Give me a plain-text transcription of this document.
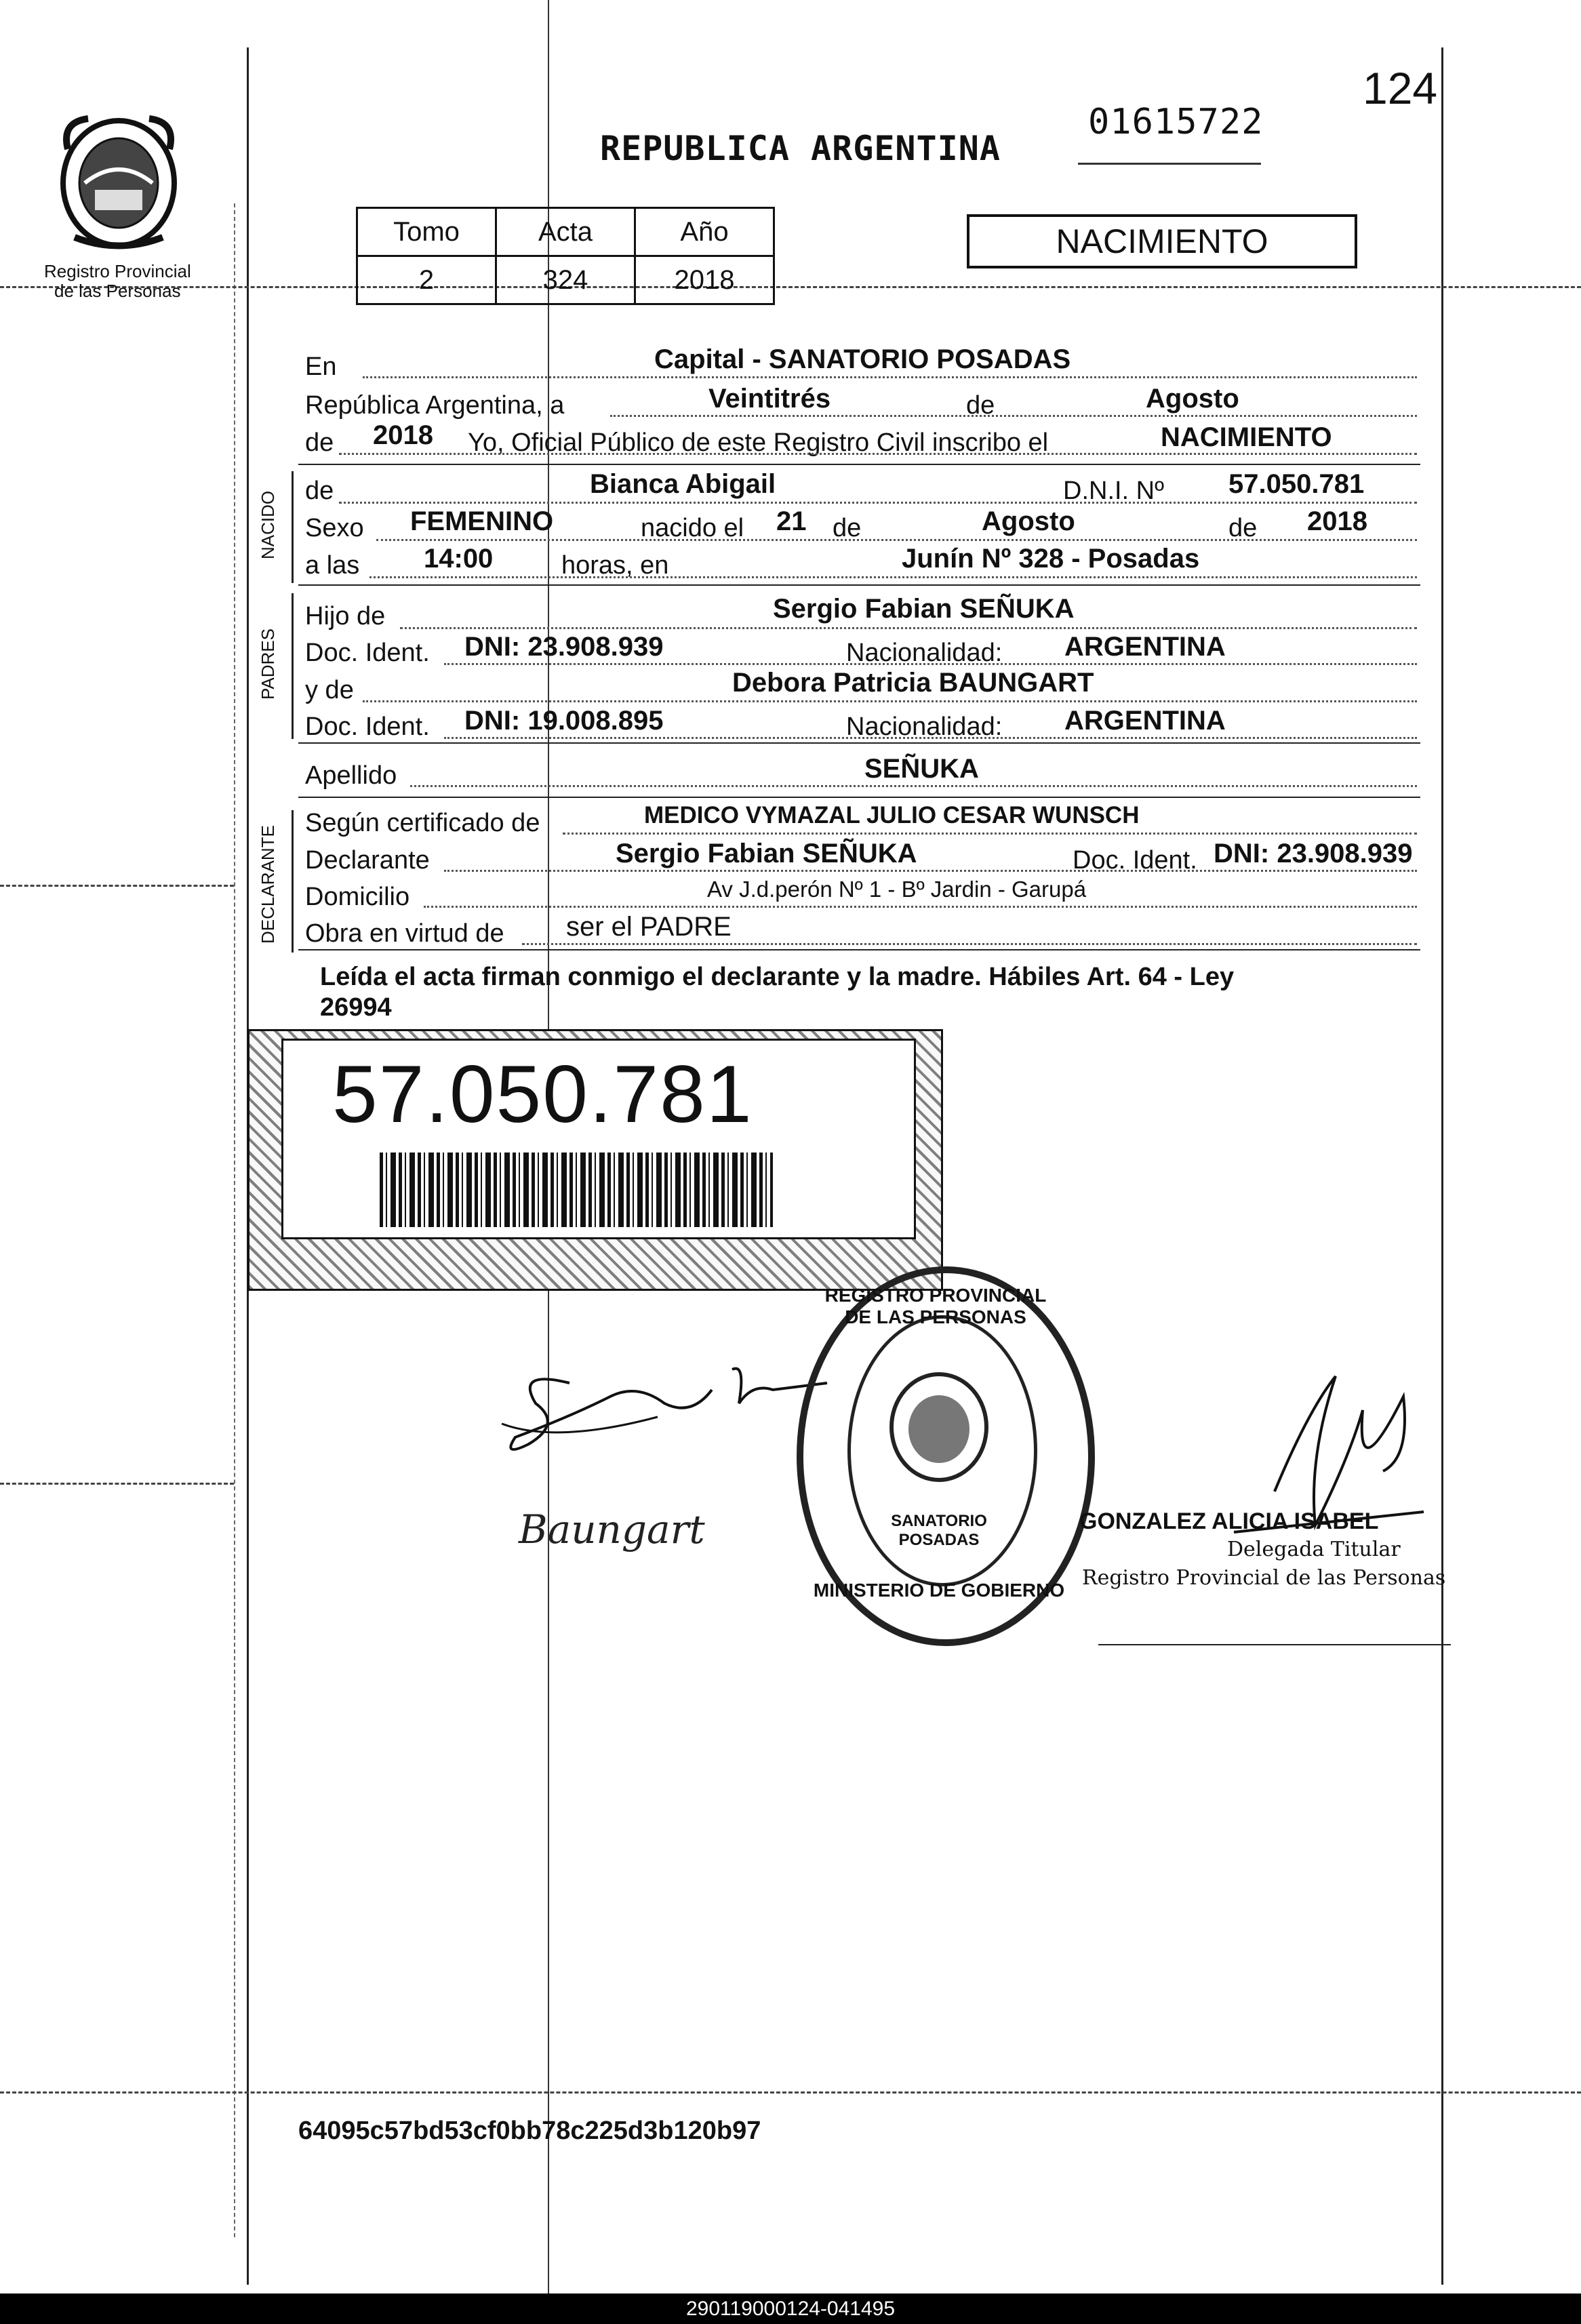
124
Registro Provincial
de las Personas
REPUBLICA ARGENTINA
01615722
Tomo	Acta	Año
2	324	2018
NACIMIENTO
En	Capital - SANATORIO POSADAS
República Argentina, a	Veintitrés	de	Agosto
de 2018 Yo, Oficial Público de este Registro Civil inscribo el	NACIMIENTO
NACIDO de	Bianca Abigail	D.N.I. Nº 57.050.781
Sexo FEMENINO	nacido el 21 de	Agosto	de 2018
a las 14:00	horas, en	Junín Nº 328 - Posadas
PADRES
Hijo de	Sergio Fabian SEÑUKA
Doc. Ident. DNI: 23.908.939	Nacionalidad: ARGENTINA
y de	Debora Patricia BAUNGART
Doc. Ident. DNI: 19.008.895	Nacionalidad: ARGENTINA
Apellido	SEÑUKA
DECLARANTE
Según certificado de	MEDICO VYMAZAL JULIO CESAR WUNSCH
Declarante	Sergio Fabian SEÑUKA	Doc. Ident. DNI: 23.908.939
Domicilio	Av J.d.perón Nº 1 - Bº Jardin - Garupá
Obra en virtud de ser el PADRE
Leída el acta firman conmigo el declarante y la madre. Hábiles Art. 64 - Ley
26994
57.050.781
Baungart
REGISTRO PROVINCIAL DE LAS PERSONAS
SANATORIO POSADAS
MINISTERIO DE GOBIERNO
GONZALEZ ALICIA ISABEL
Delegada Titular
Registro Provincial de las Personas
64095c57bd53cf0bb78c225d3b120b97
290119000124-041495
